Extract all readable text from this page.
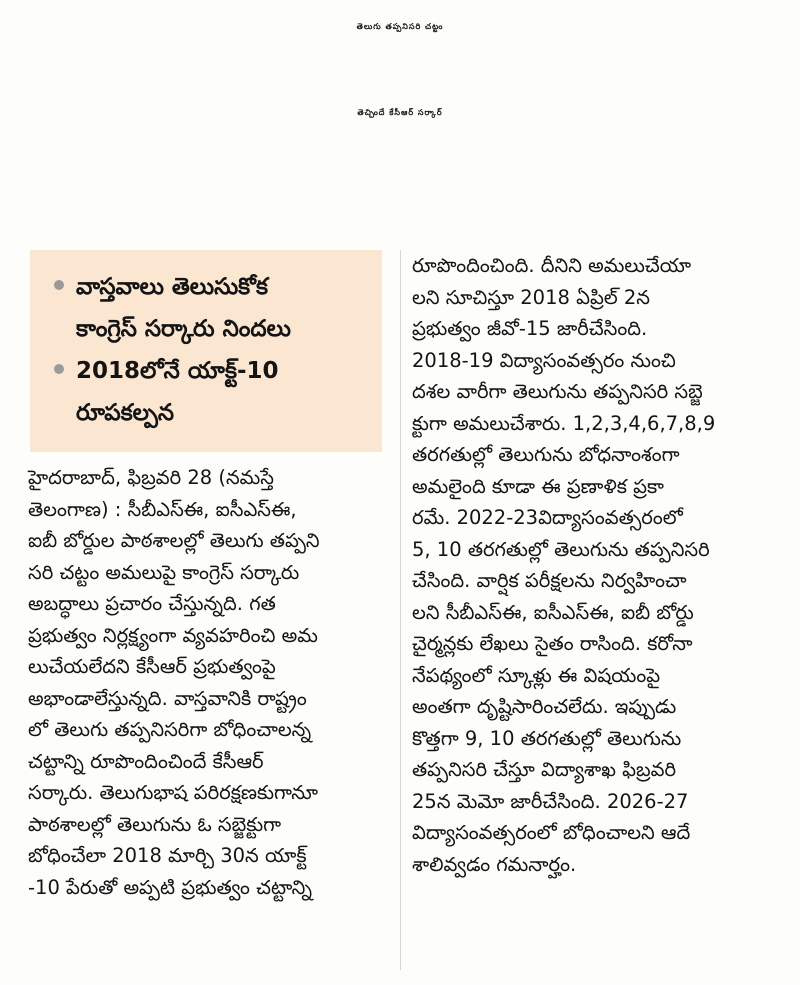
తెలుగు తప్పనిసరి చట్టం
తెచ్చిందే కేసీఆర్ సర్కార్
వాస్తవాలు తెలుసుకోక
కాంగ్రెస్ సర్కారు నిందలు
2018లోనే యాక్ట్-10
రూపకల్పన
హైదరాబాద్, ఫిబ్రవరి 28 (నమస్తే
తెలంగాణ) : సీబీఎస్ఈ, ఐసీఎస్ఈ,
ఐబీ బోర్డుల పాఠశాలల్లో తెలుగు తప్పని
సరి చట్టం అమలుపై కాంగ్రెస్ సర్కారు
అబద్ధాలు ప్రచారం చేస్తున్నది. గత
ప్రభుత్వం నిర్లక్ష్యంగా వ్యవహరించి అమ
లుచేయలేదని కేసీఆర్ ప్రభుత్వంపై
అభాండాలేస్తున్నది. వాస్తవానికి రాష్ట్రం
లో తెలుగు తప్పనిసరిగా బోధించాలన్న
చట్టాన్ని రూపొందించిందే కేసీఆర్
సర్కారు. తెలుగుభాష పరిరక్షణకుగానూ
పాఠశాలల్లో తెలుగును ఓ సబ్జెక్టుగా
బోధించేలా 2018 మార్చి 30న యాక్ట్
-10 పేరుతో అప్పటి ప్రభుత్వం చట్టాన్ని
రూపొందించింది. దీనిని అమలుచేయా
లని సూచిస్తూ 2018 ఏప్రిల్ 2న
ప్రభుత్వం జీవో-15 జారీచేసింది.
2018-19 విద్యాసంవత్సరం నుంచి
దశల వారీగా తెలుగును తప్పనిసరి సబ్జె
క్టుగా అమలుచేశారు. 1,2,3,4,6,7,8,9
తరగతుల్లో తెలుగును బోధనాంశంగా
అమలైంది కూడా ఈ ప్రణాళిక ప్రకా
రమే. 2022-23విద్యాసంవత్సరంలో
5, 10 తరగతుల్లో తెలుగును తప్పనిసరి
చేసింది. వార్షిక పరీక్షలను నిర్వహించా
లని సీబీఎస్ఈ, ఐసీఎస్ఈ, ఐబీ బోర్డు
చైర్మన్లకు లేఖలు సైతం రాసింది. కరోనా
నేపథ్యంలో స్కూళ్లు ఈ విషయంపై
అంతగా దృష్టిసారించలేదు. ఇప్పుడు
కొత్తగా 9, 10 తరగతుల్లో తెలుగును
తప్పనిసరి చేస్తూ విద్యాశాఖ ఫిబ్రవరి
25న మెమో జారీచేసింది. 2026-27
విద్యాసంవత్సరంలో బోధించాలని ఆదే
శాలివ్వడం గమనార్హం.
